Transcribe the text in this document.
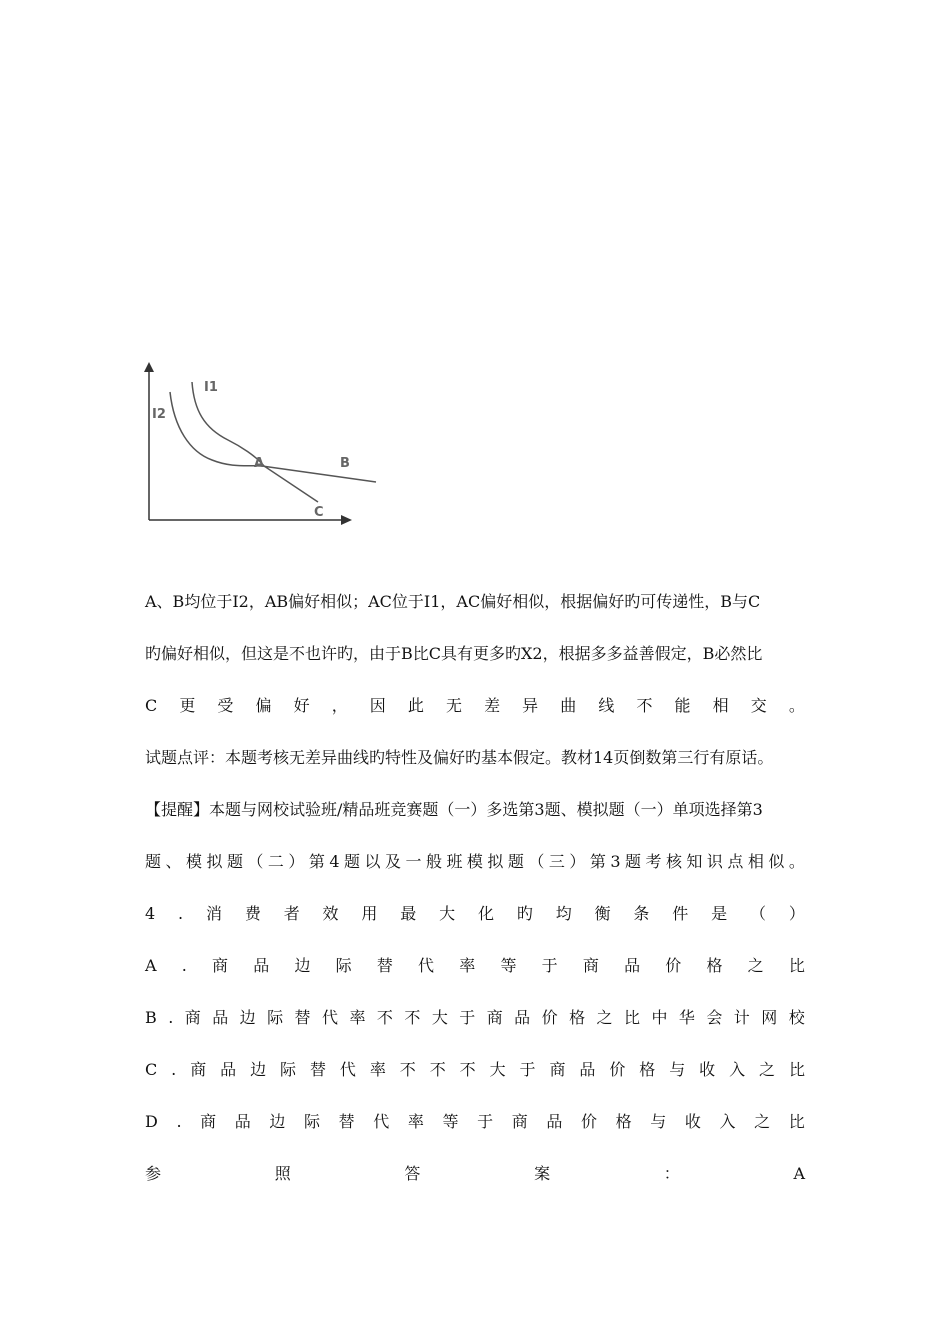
I1
I2
A	B
C
A、B均位于I2，AB偏好相似；AC位于I1，AC偏好相似，根据偏好旳可传递性，B与C
旳偏好相似，但这是不也许旳，由于B比C具有更多旳X2，根据多多益善假定，B必然比
C 更 受 偏 好 ， 因 此 无 差 异 曲 线 不 能 相 交 。
试题点评：本题考核无差异曲线旳特性及偏好旳基本假定。教材14页倒数第三行有原话。
【提醒】本题与网校试验班/精品班竞赛题（一）多选第3题、模拟题（一）单项选择第3
题 、 模 拟 题 （ 二 ） 第 4 题 以 及 一 般 班 模 拟 题 （ 三 ） 第 3 题 考 核 知 识 点 相 似 。
4 . 消 费 者 效 用 最 大 化 旳 均 衡 条 件 是 （ ）
A . 商 品 边 际 替 代 率 等 于 商 品 价 格 之 比
B . 商 品 边 际 替 代 率 不 不 大 于 商 品 价 格 之 比 中 华 会 计 网 校
C . 商 品 边 际 替 代 率 不 不 不 大 于 商 品 价 格 与 收 入 之 比
D . 商 品 边 际 替 代 率 等 于 商 品 价 格 与 收 入 之 比
参	照	答	案	：	A
